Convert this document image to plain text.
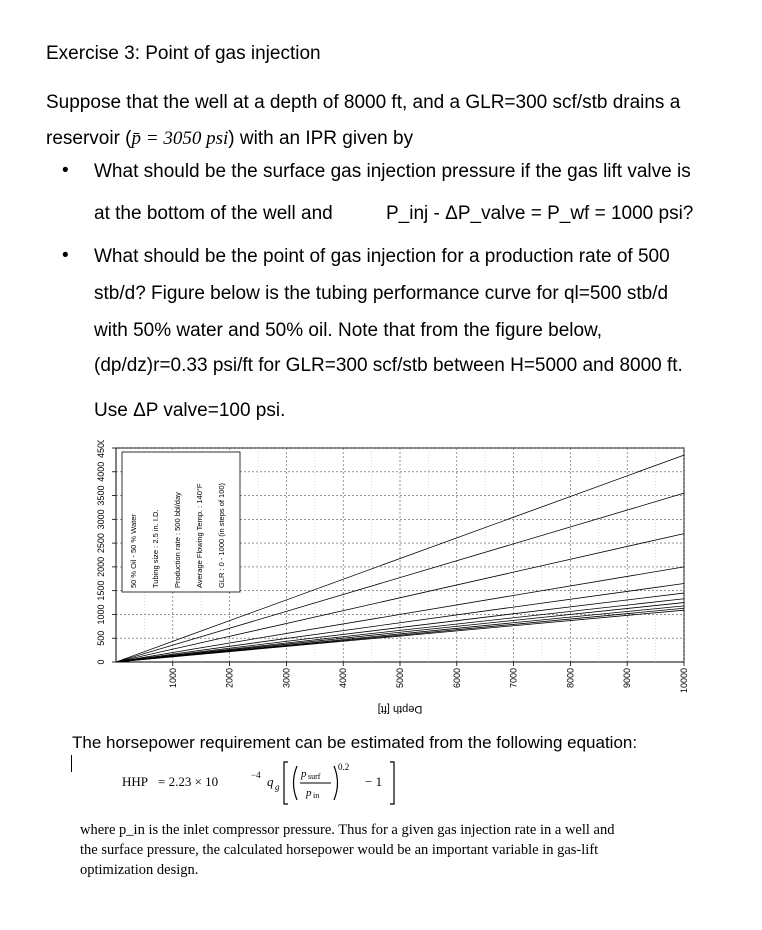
Exercise 3: Point of gas injection
Suppose that the well at a depth of 8000 ft, and a GLR=300 scf/stb drains a
reservoir (p̄ = 3050 psi) with an IPR given by
• What should be the surface gas injection pressure if the gas lift valve is
at the bottom of the well and	P_inj - ΔP_valve = P_wf = 1000 psi?
• What should be the point of gas injection for a production rate of 500
stb/d? Figure below is the tubing performance curve for ql=500 stb/d
with 50% water and 50% oil. Note that from the figure below,
(dp/dz)r=0.33 psi/ft for GLR=300 scf/stb between H=5000 and 8000 ft.
Use ΔP valve=100 psi.
0
500
1000
1500
2000
2500
3000
3500
4000
4500
1000	2000	3000	4000	5000	6000	7000	8000	9000	10000
Depth [ft]
50 % Oil - 50 % Water Tubing size : 2.5 in. I.D. Production rate : 500 bbl/day Average Flowing Temp. : 140°F GLR : 0 - 1000 (in steps of 100)
The horsepower requirement can be estimated from the following equation:
HHP = 2.23 × 10	−4 q g
p surf
p in
0.2
− 1
where p_in is the inlet compressor pressure. Thus for a given gas injection rate in a well and
the surface pressure, the calculated horsepower would be an important variable in gas-lift
optimization design.
